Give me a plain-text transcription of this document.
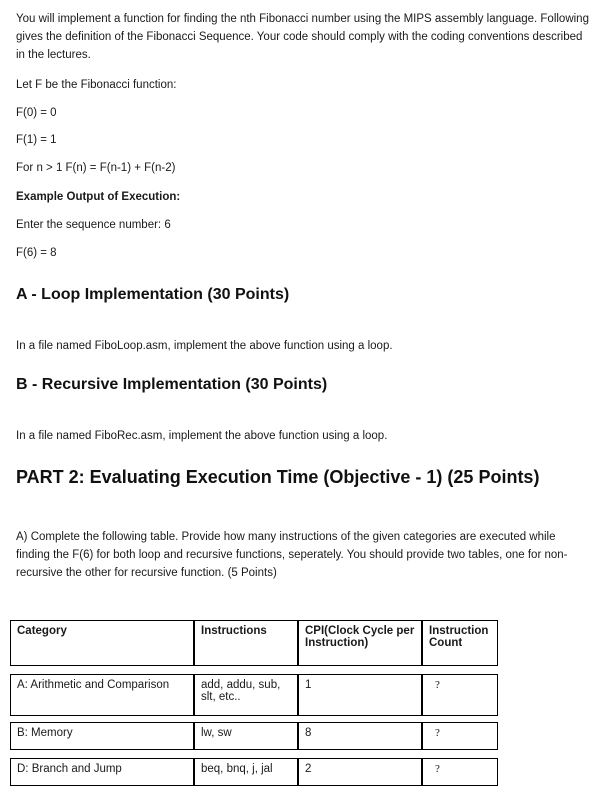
You will implement a function for finding the nth Fibonacci number using the MIPS assembly language. Following gives the definition of the Fibonacci Sequence. Your code should comply with the coding conventions described in the lectures.

Let F be the Fibonacci function:

F(0) = 0

F(1) = 1

For n > 1 F(n) = F(n-1) + F(n-2)

Example Output of Execution:

Enter the sequence number: 6

F(6) = 8

A - Loop Implementation (30 Points)

In a file named FiboLoop.asm, implement the above function using a loop.

B - Recursive Implementation (30 Points)

In a file named FiboRec.asm, implement the above function using a loop.

PART 2: Evaluating Execution Time (Objective - 1) (25 Points)

A) Complete the following table. Provide how many instructions of the given categories are executed while finding the F(6) for both loop and recursive functions, seperately. You should provide two tables, one for non-recursive the other for recursive function. (5 Points)

Category	Instructions	CPI(Clock Cycle per Instruction)	Instruction Count

A: Arithmetic and Comparison	add, addu, sub, slt, etc..	1	?

B: Memory	lw, sw	8	?

D: Branch and Jump	beq, bnq, j, jal	2	?
